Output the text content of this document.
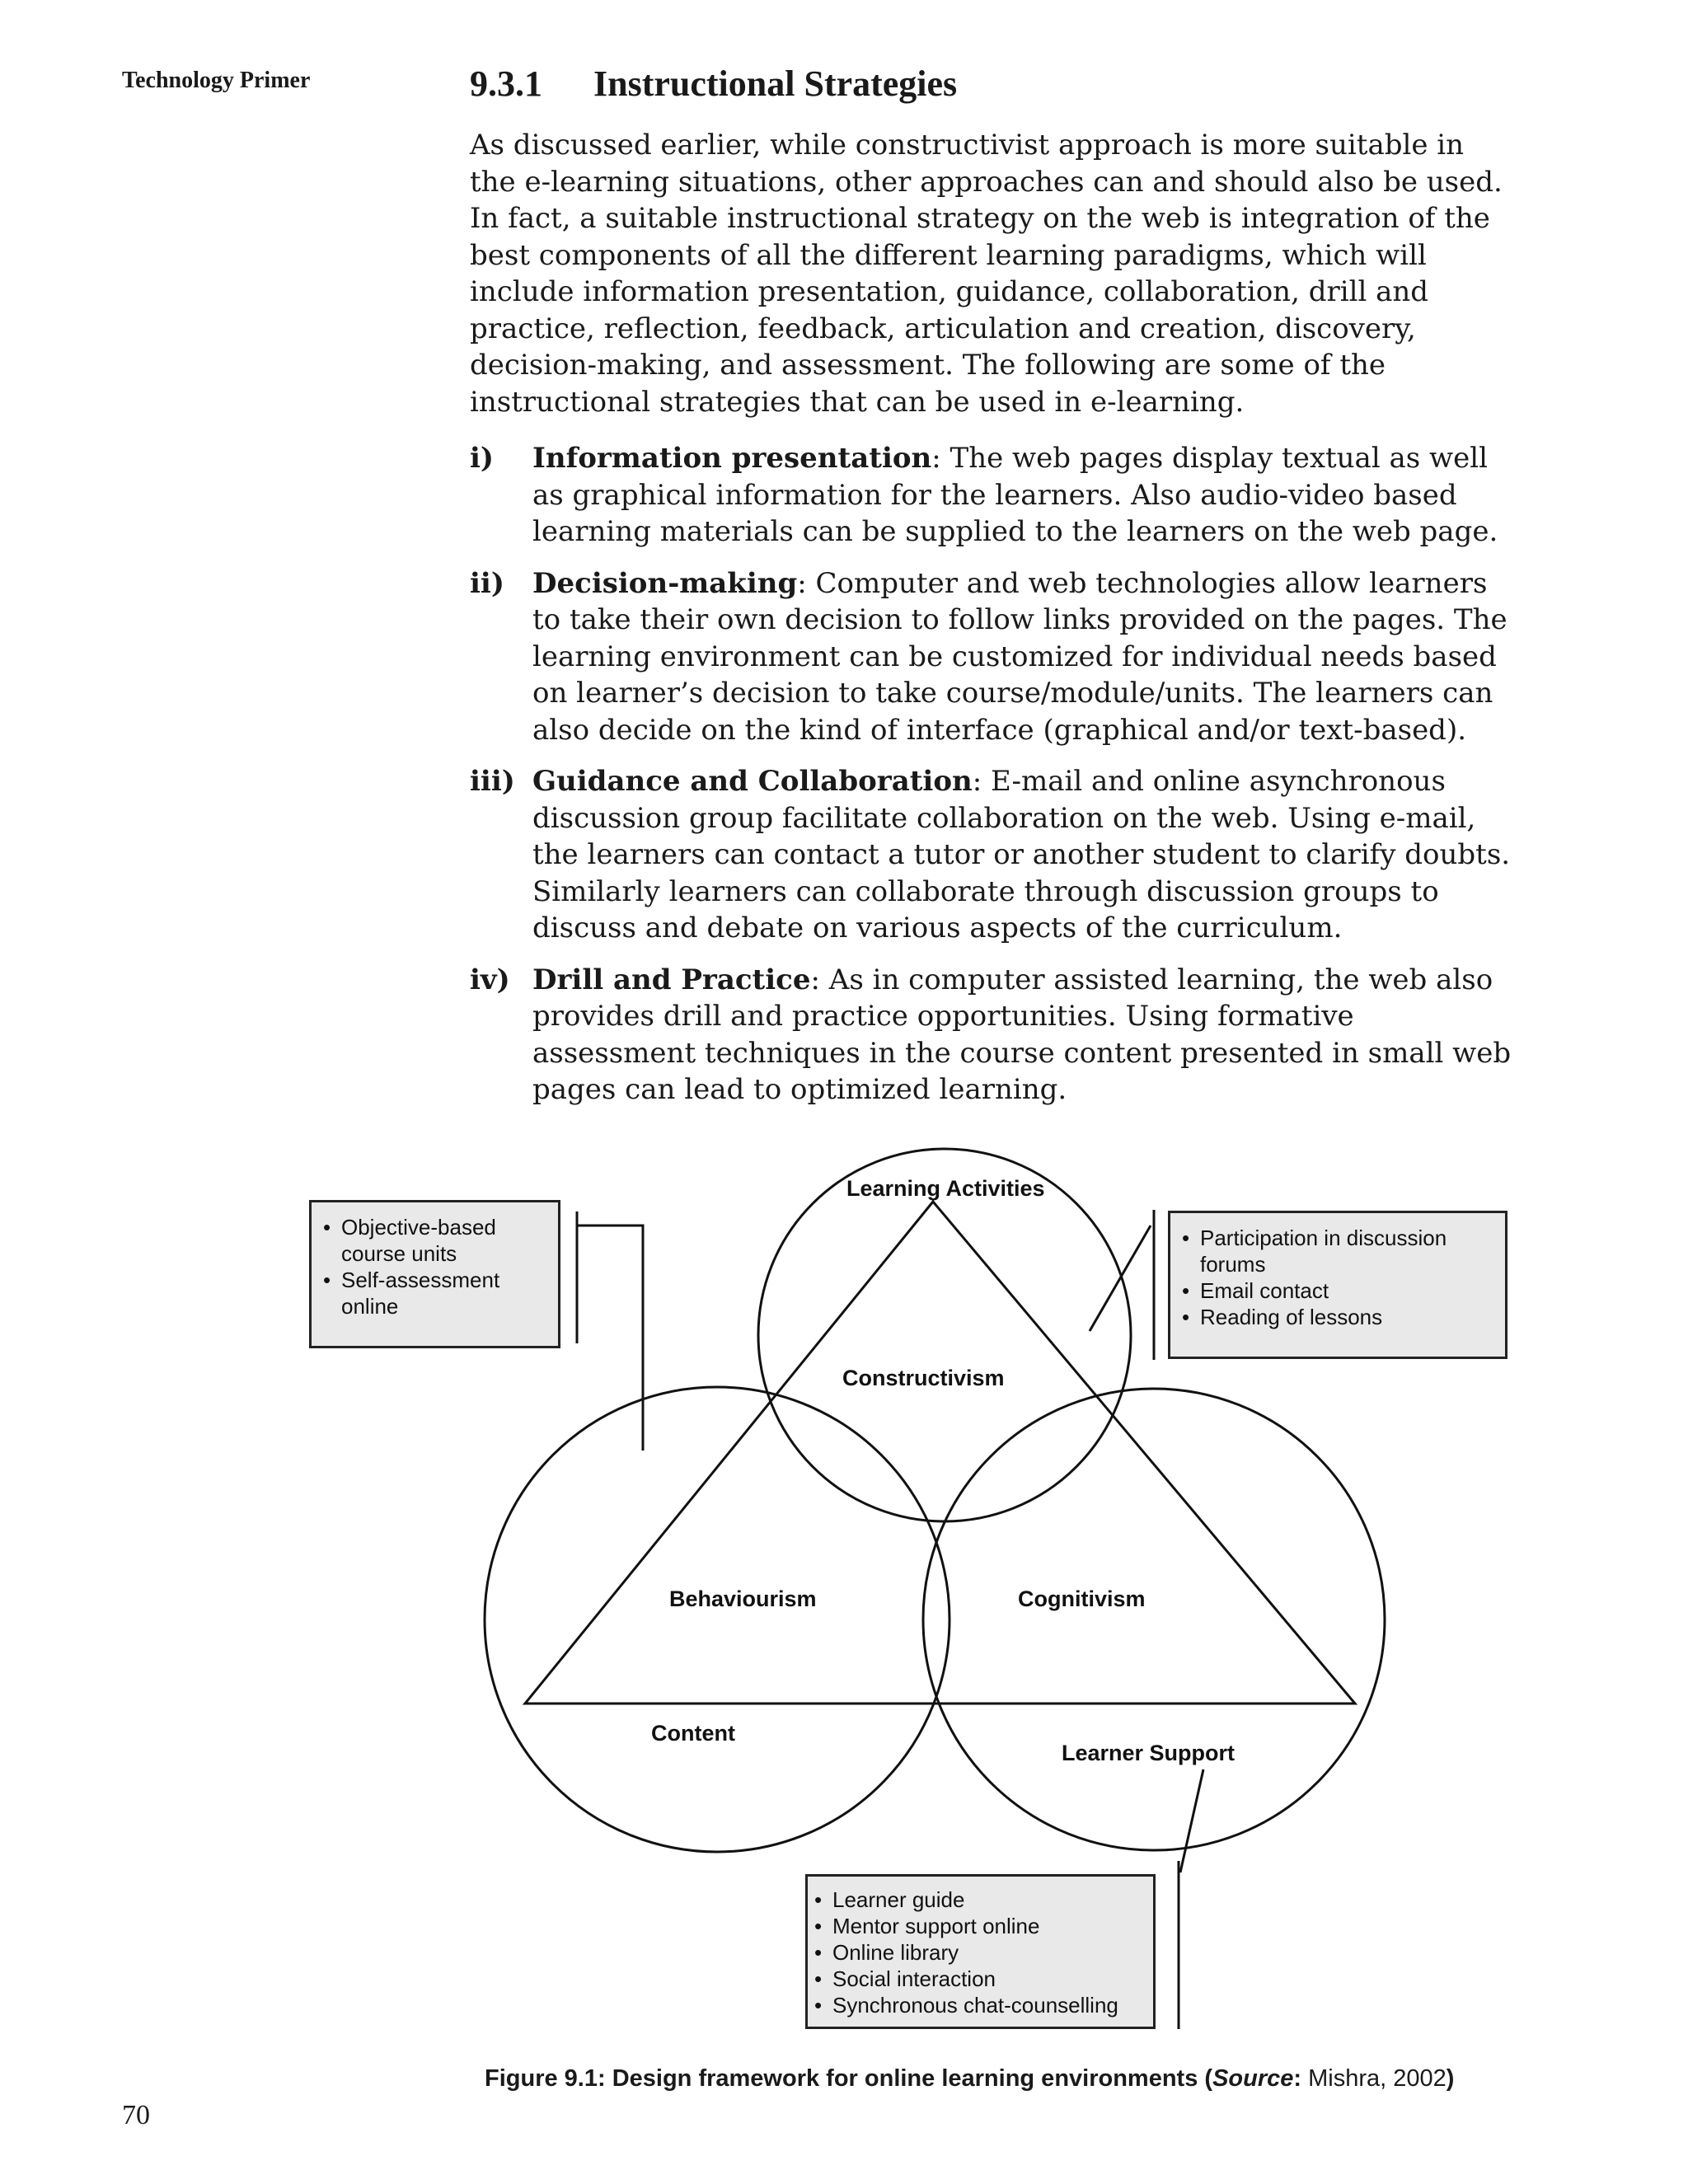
Technology Primer	9.3.1	Instructional Strategies

As discussed earlier, while constructivist approach is more suitable in the e-learning situations, other approaches can and should also be used. In fact, a suitable instructional strategy on the web is integration of the best components of all the different learning paradigms, which will include information presentation, guidance, collaboration, drill and practice, reflection, feedback, articulation and creation, discovery, decision-making, and assessment. The following are some of the instructional strategies that can be used in e-learning.

i) Information presentation: The web pages display textual as well as graphical information for the learners. Also audio-video based learning materials can be supplied to the learners on the web page.
ii) Decision-making: Computer and web technologies allow learners to take their own decision to follow links provided on the pages. The learning environment can be customized for individual needs based on learner’s decision to take course/module/units. The learners can also decide on the kind of interface (graphical and/or text-based).
iii) Guidance and Collaboration: E-mail and online asynchronous discussion group facilitate collaboration on the web. Using e-mail, the learners can contact a tutor or another student to clarify doubts. Similarly learners can collaborate through discussion groups to discuss and debate on various aspects of the curriculum.
iv) Drill and Practice: As in computer assisted learning, the web also provides drill and practice opportunities. Using formative assessment techniques in the course content presented in small web pages can lead to optimized learning.
Learning Activities
Constructivism
Behaviourism	Cognitivism
Content
Learner Support
• Objective-based course units
• Self-assessment online
• Participation in discussion forums
• Email contact
• Reading of lessons
• Learner guide
• Mentor support online
• Online library
• Social interaction
• Synchronous chat-counselling
Figure 9.1: Design framework for online learning environments (Source: Mishra, 2002)
70
